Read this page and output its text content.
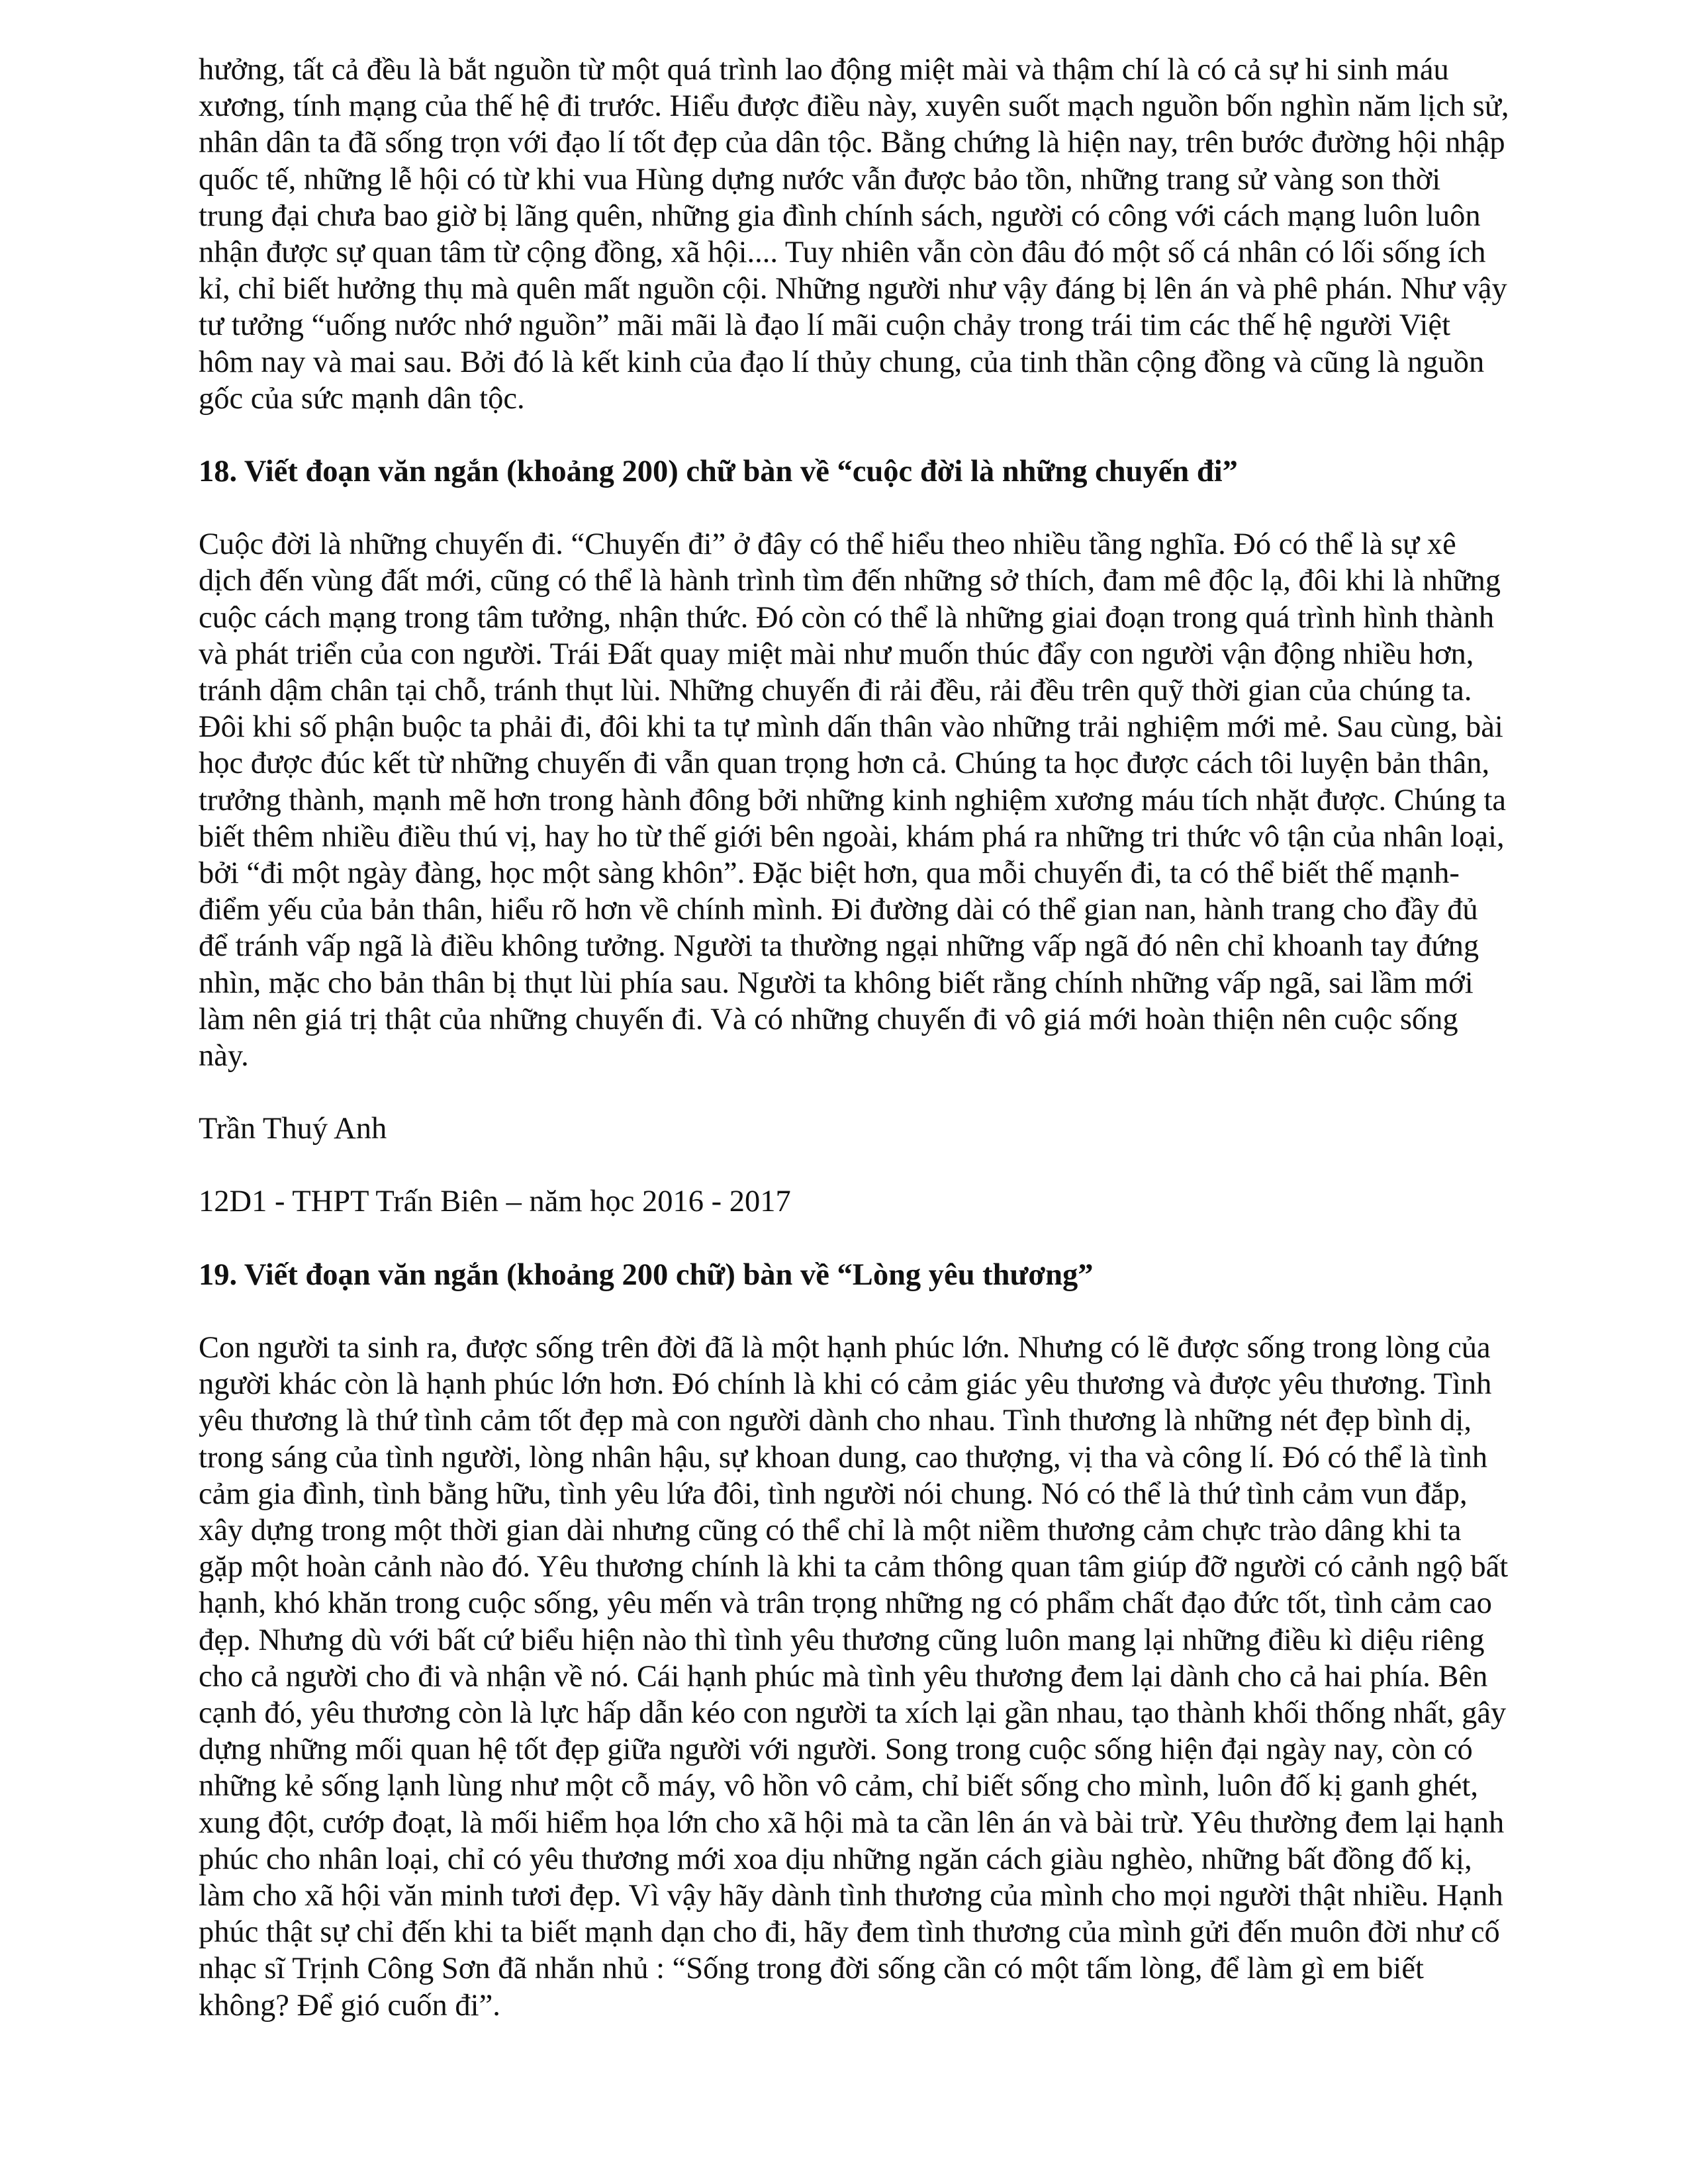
hưởng, tất cả đều là bắt nguồn từ một quá trình lao động miệt mài và thậm chí là có cả sự hi sinh máu xương, tính mạng của thế hệ đi trước. Hiểu được điều này, xuyên suốt mạch nguồn bốn nghìn năm lịch sử, nhân dân ta đã sống trọn với đạo lí tốt đẹp của dân tộc. Bằng chứng là hiện nay, trên bước đường hội nhập quốc tế, những lễ hội có từ khi vua Hùng dựng nước vẫn được bảo tồn, những trang sử vàng son thời trung đại chưa bao giờ bị lãng quên, những gia đình chính sách, người có công với cách mạng luôn luôn nhận được sự quan tâm từ cộng đồng, xã hội.... Tuy nhiên vẫn còn đâu đó một số cá nhân có lối sống ích kỉ, chỉ biết hưởng thụ mà quên mất nguồn cội. Những người như vậy đáng bị lên án và phê phán. Như vậy tư tưởng “uống nước nhớ nguồn” mãi mãi là đạo lí mãi cuộn chảy trong trái tim các thế hệ người Việt hôm nay và mai sau. Bởi đó là kết kinh của đạo lí thủy chung, của tinh thần cộng đồng và cũng là nguồn gốc của sức mạnh dân tộc.

18. Viết đoạn văn ngắn (khoảng 200) chữ bàn về “cuộc đời là những chuyến đi”

Cuộc đời là những chuyến đi. “Chuyến đi” ở đây có thể hiểu theo nhiều tầng nghĩa. Đó có thể là sự xê dịch đến vùng đất mới, cũng có thể là hành trình tìm đến những sở thích, đam mê độc lạ, đôi khi là những cuộc cách mạng trong tâm tưởng, nhận thức. Đó còn có thể là những giai đoạn trong quá trình hình thành và phát triển của con người. Trái Đất quay miệt mài như muốn thúc đẩy con người vận động nhiều hơn, tránh dậm chân tại chỗ, tránh thụt lùi. Những chuyến đi rải đều, rải đều trên quỹ thời gian của chúng ta. Đôi khi số phận buộc ta phải đi, đôi khi ta tự mình dấn thân vào những trải nghiệm mới mẻ. Sau cùng, bài học được đúc kết từ những chuyến đi vẫn quan trọng hơn cả. Chúng ta học được cách tôi luyện bản thân, trưởng thành, mạnh mẽ hơn trong hành đông bởi những kinh nghiệm xương máu tích nhặt được. Chúng ta biết thêm nhiều điều thú vị, hay ho từ thế giới bên ngoài, khám phá ra những tri thức vô tận của nhân loại, bởi “đi một ngày đàng, học một sàng khôn”. Đặc biệt hơn, qua mỗi chuyến đi, ta có thể biết thế mạnh-điểm yếu của bản thân, hiểu rõ hơn về chính mình. Đi đường dài có thể gian nan, hành trang cho đầy đủ để tránh vấp ngã là điều không tưởng. Người ta thường ngại những vấp ngã đó nên chỉ khoanh tay đứng nhìn, mặc cho bản thân bị thụt lùi phía sau. Người ta không biết rằng chính những vấp ngã, sai lầm mới làm nên giá trị thật của những chuyến đi. Và có những chuyến đi vô giá mới hoàn thiện nên cuộc sống này.

Trần Thuý Anh

12D1 - THPT Trấn Biên – năm học 2016 - 2017

19. Viết đoạn văn ngắn (khoảng 200 chữ) bàn về “Lòng yêu thương”

Con người ta sinh ra, được sống trên đời đã là một hạnh phúc lớn. Nhưng có lẽ được sống trong lòng của người khác còn là hạnh phúc lớn hơn. Đó chính là khi có cảm giác yêu thương và được yêu thương. Tình yêu thương là thứ tình cảm tốt đẹp mà con người dành cho nhau. Tình thương là những nét đẹp bình dị, trong sáng của tình người, lòng nhân hậu, sự khoan dung, cao thượng, vị tha và công lí. Đó có thể là tình cảm gia đình, tình bằng hữu, tình yêu lứa đôi, tình người nói chung. Nó có thể là thứ tình cảm vun đắp, xây dựng trong một thời gian dài nhưng cũng có thể chỉ là một niềm thương cảm chực trào dâng khi ta gặp một hoàn cảnh nào đó. Yêu thương chính là khi ta cảm thông quan tâm giúp đỡ người có cảnh ngộ bất hạnh, khó khăn trong cuộc sống, yêu mến và trân trọng những ng có phẩm chất đạo đức tốt, tình cảm cao đẹp. Nhưng dù với bất cứ biểu hiện nào thì tình yêu thương cũng luôn mang lại những điều kì diệu riêng cho cả người cho đi và nhận về nó. Cái hạnh phúc mà tình yêu thương đem lại dành cho cả hai phía. Bên cạnh đó, yêu thương còn là lực hấp dẫn kéo con người ta xích lại gần nhau, tạo thành khối thống nhất, gây dựng những mối quan hệ tốt đẹp giữa người với người. Song trong cuộc sống hiện đại ngày nay, còn có những kẻ sống lạnh lùng như một cỗ máy, vô hồn vô cảm, chỉ biết sống cho mình, luôn đố kị ganh ghét, xung đột, cướp đoạt, là mối hiểm họa lớn cho xã hội mà ta cần lên án và bài trừ. Yêu thường đem lại hạnh phúc cho nhân loại, chỉ có yêu thương mới xoa dịu những ngăn cách giàu nghèo, những bất đồng đố kị, làm cho xã hội văn minh tươi đẹp. Vì vậy hãy dành tình thương của mình cho mọi người thật nhiều. Hạnh phúc thật sự chỉ đến khi ta biết mạnh dạn cho đi, hãy đem tình thương của mình gửi đến muôn đời như cố nhạc sĩ Trịnh Công Sơn đã nhắn nhủ : “Sống trong đời sống cần có một tấm lòng, để làm gì em biết không? Để gió cuốn đi”.
